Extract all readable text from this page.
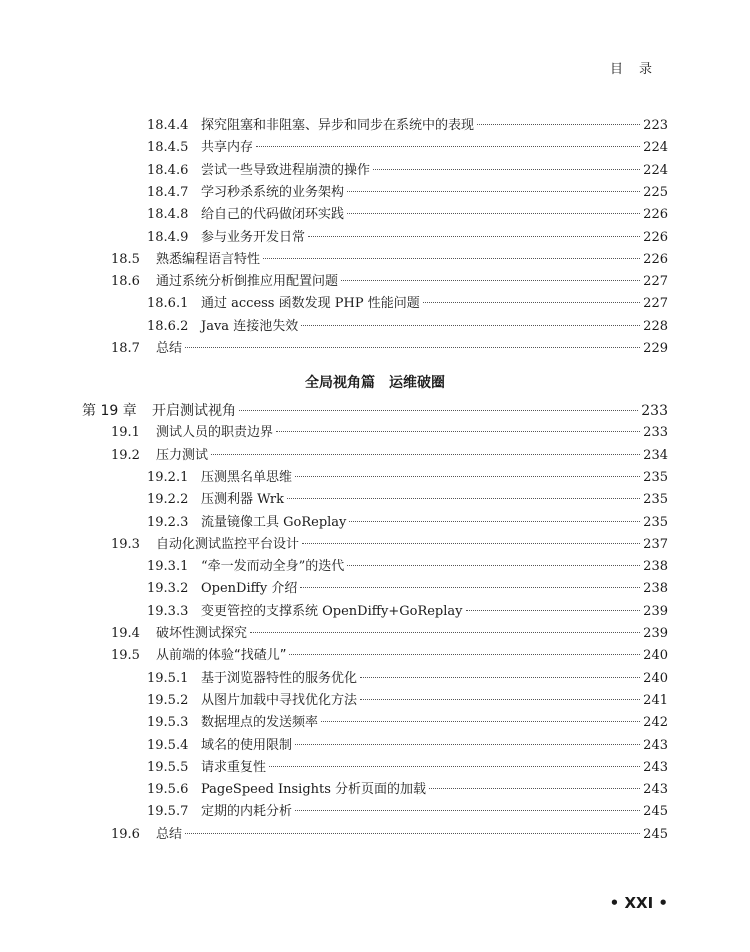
目录
18.4.4 探究阻塞和非阻塞、异步和同步在系统中的表现	223
18.4.5 共享内存	224
18.4.6 尝试一些导致进程崩溃的操作	224
18.4.7 学习秒杀系统的业务架构	225
18.4.8 给自己的代码做闭环实践	226
18.4.9 参与业务开发日常	226
18.5	熟悉编程语言特性	226
18.6	通过系统分析倒推应用配置问题	227
18.6.1 通过 access 函数发现 PHP 性能问题	227
18.6.2 Java 连接池失效	228
18.7	总结	229
第 19 章	开启测试视角	233
19.1	测试人员的职责边界	233
19.2	压力测试	234
19.2.1 压测黑名单思维	235
19.2.2 压测利器 Wrk	235
19.2.3 流量镜像工具 GoReplay	235
19.3	自动化测试监控平台设计	237
19.3.1 “牵一发而动全身”的迭代	238
19.3.2 OpenDiffy 介绍	238
19.3.3 变更管控的支撑系统 OpenDiffy+GoReplay	239
19.4	破坏性测试探究	239
19.5	从前端的体验“找碴儿”	240
19.5.1 基于浏览器特性的服务优化	240
19.5.2 从图片加载中寻找优化方法	241
19.5.3 数据埋点的发送频率	242
19.5.4 域名的使用限制	243
19.5.5 请求重复性	243
19.5.6 PageSpeed Insights 分析页面的加载	243
19.5.7 定期的内耗分析	245
19.6	总结	245
全局视角篇　运维破圈
• XXI •
